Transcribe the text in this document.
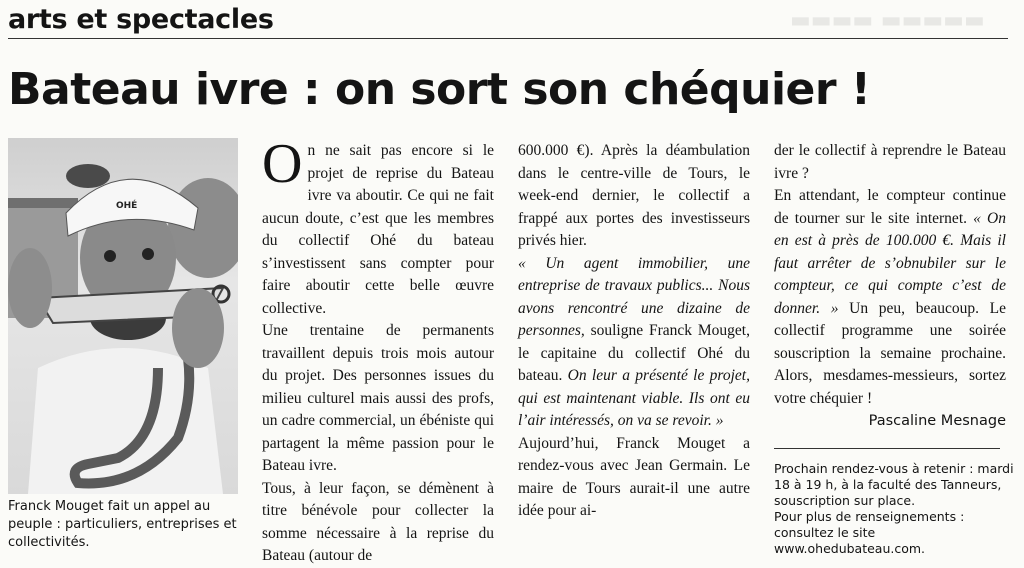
▬▬▬▬ ▬▬▬▬▬
arts et spectacles
Bateau ivre : on sort son chéquier !
OHÉ

Franck Mouget fait un appel au peuple : particuliers, entreprises et collectivités.

On ne sait pas encore si le projet de reprise du Bateau ivre va aboutir. Ce qui ne fait aucun doute, c’est que les membres du collectif Ohé du bateau s’investissent sans compter pour faire aboutir cette belle œuvre collective.

Une trentaine de permanents travaillent depuis trois mois autour du projet. Des personnes issues du milieu culturel mais aussi des profs, un cadre commercial, un ébéniste qui partagent la même passion pour le Bateau ivre.

Tous, à leur façon, se démènent à titre bénévole pour collecter la somme nécessaire à la reprise du Bateau (autour de

600.000 €). Après la déambulation dans le centre-ville de Tours, le week-end dernier, le collectif a frappé aux portes des investisseurs privés hier.

« Un agent immobilier, une entreprise de travaux publics... Nous avons rencontré une dizaine de personnes, souligne Franck Mouget, le capitaine du collectif Ohé du bateau. On leur a présenté le projet, qui est maintenant viable. Ils ont eu l’air intéressés, on va se revoir. »

Aujourd’hui, Franck Mouget a rendez-vous avec Jean Germain. Le maire de Tours aurait-il une autre idée pour ai-

der le collectif à reprendre le Bateau ivre ?

En attendant, le compteur continue de tourner sur le site internet. « On en est à près de 100.000 €. Mais il faut arrêter de s’obnubiler sur le compteur, ce qui compte c’est de donner. » Un peu, beaucoup. Le collectif programme une soirée souscription la semaine prochaine. Alors, mesdames-messieurs, sortez votre chéquier !

Pascaline Mesnage

Prochain rendez-vous à retenir : mardi 18 à 19 h, à la faculté des Tanneurs, souscription sur place.
Pour plus de renseignements : consultez le site
www.ohedubateau.com.
